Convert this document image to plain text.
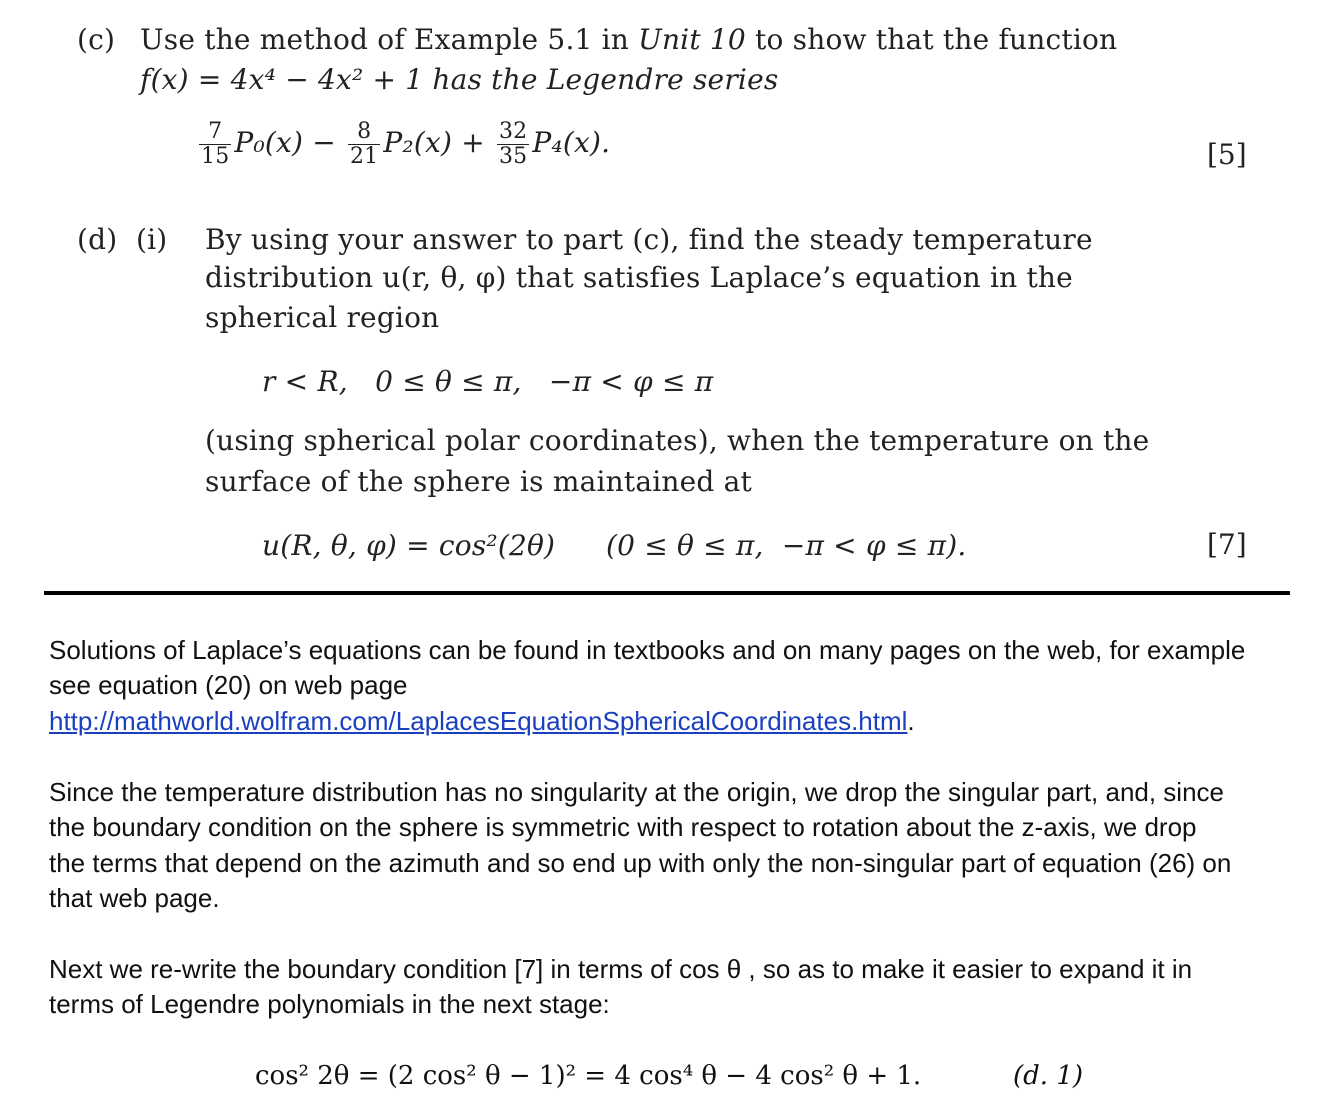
(c) Use the method of Example 5.1 in Unit 10 to show that the function
f(x) = 4x⁴ − 4x² + 1 has the Legendre series
$\frac{7}{15} P_0(x) - \frac{8}{21} P_2(x) + \frac{32}{35} P_4(x)$.	[5]
(d) (i) By using your answer to part (c), find the steady temperature
distribution u(r, θ, φ) that satisfies Laplace’s equation in the
spherical region
r < R,   0 ≤ θ ≤ π,   −π < φ ≤ π
(using spherical polar coordinates), when the temperature on the
surface of the sphere is maintained at
u(R, θ, φ) = cos²(2θ) (0 ≤ θ ≤ π,  −π < φ ≤ π).	[7]
Solutions of Laplace’s equations can be found in textbooks and on many pages on the web, for example
see equation (20) on web page
http://mathworld.wolfram.com/LaplacesEquationSphericalCoordinates.html.
Since the temperature distribution has no singularity at the origin, we drop the singular part, and, since
the boundary condition on the sphere is symmetric with respect to rotation about the z-axis, we drop
the terms that depend on the azimuth and so end up with only the non-singular part of equation (26) on
that web page.
Next we re-write the boundary condition [7] in terms of cos θ , so as to make it easier to expand it in
terms of Legendre polynomials in the next stage:
cos² 2θ = (2 cos² θ − 1)² = 4 cos⁴ θ − 4 cos² θ + 1.	(d. 1)
